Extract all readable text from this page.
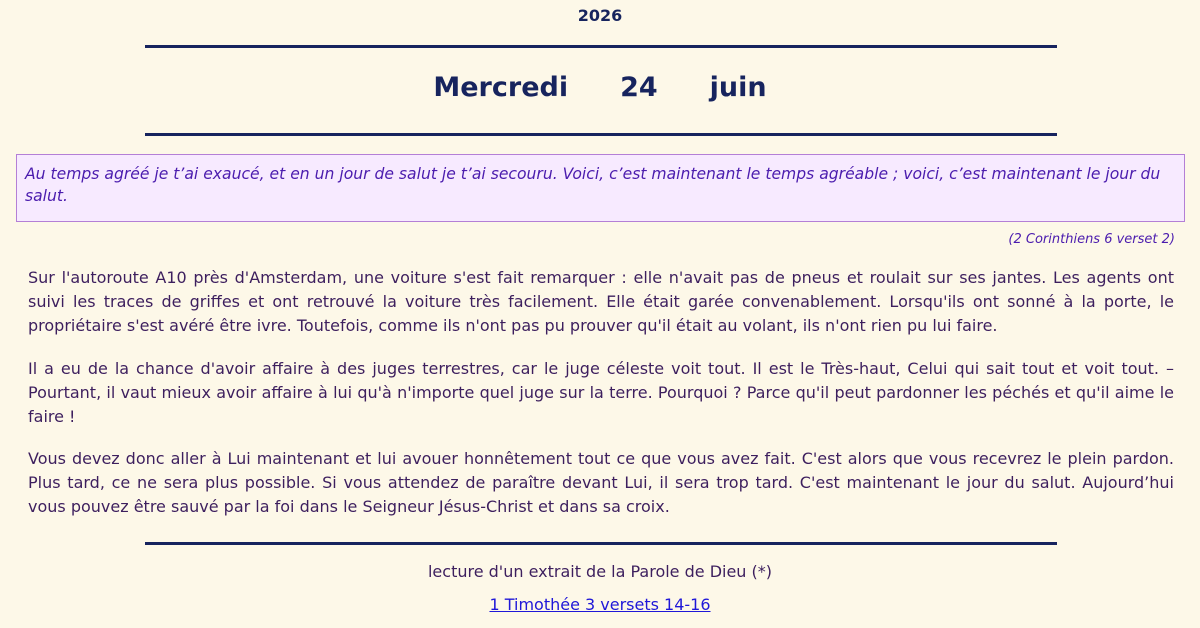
2026
Mercredi 24 juin
Au temps agréé je t’ai exaucé, et en un jour de salut je t’ai secouru. Voici, c’est maintenant le temps agréable ; voici, c’est maintenant le jour du salut.
(2 Corinthiens 6 verset 2)
Sur l'autoroute A10 près d'Amsterdam, une voiture s'est fait remarquer : elle n'avait pas de pneus et roulait sur ses jantes. Les agents ont suivi les traces de griffes et ont retrouvé la voiture très facilement. Elle était garée convenablement. Lorsqu'ils ont sonné à la porte, le propriétaire s'est avéré être ivre. Toutefois, comme ils n'ont pas pu prouver qu'il était au volant, ils n'ont rien pu lui faire.
Il a eu de la chance d'avoir affaire à des juges terrestres, car le juge céleste voit tout. Il est le Très-haut, Celui qui sait tout et voit tout. – Pourtant, il vaut mieux avoir affaire à lui qu'à n'importe quel juge sur la terre. Pourquoi ? Parce qu'il peut pardonner les péchés et qu'il aime le faire !
Vous devez donc aller à Lui maintenant et lui avouer honnêtement tout ce que vous avez fait. C'est alors que vous recevrez le plein pardon. Plus tard, ce ne sera plus possible. Si vous attendez de paraître devant Lui, il sera trop tard. C'est maintenant le jour du salut. Aujourd’hui vous pouvez être sauvé par la foi dans le Seigneur Jésus-Christ et dans sa croix.
lecture d'un extrait de la Parole de Dieu (*)
1 Timothée 3 versets 14-16
